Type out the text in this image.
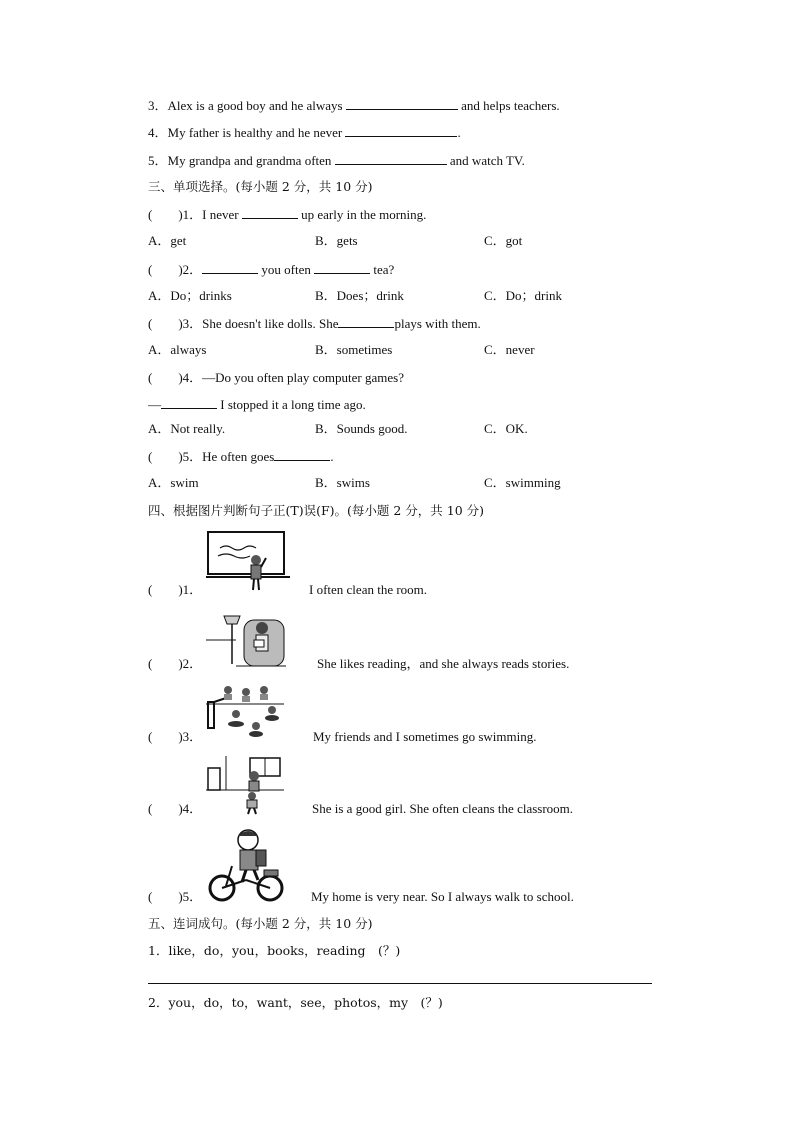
3．Alex is a good boy and he always	and helps teachers.
4．My father is healthy and he never	.
5．My grandpa and grandma often	and watch TV.
三、单项选择。(每小题 2 分，共 10 分)
(　　)1．I never	up early in the morning.
A．get	B．gets	C．got
(　　)2．	you often	tea?
A．Do；drinks	B．Does；drink	C．Do；drink
(　　)3．She doesn't like dolls. She	plays with them.
A．always	B．sometimes	C．never
(　　)4．—Do you often play computer games?
—	I stopped it a long time ago.
A．Not really.	B．Sounds good.	C．OK.
(　　)5．He often goes	.
A．swim	B．swims	C．swimming
四、根据图片判断句子正(T)误(F)。(每小题 2 分，共 10 分)
(　　)1．	I often clean the room.
(　　)2．	She likes reading，and she always reads stories.
(　　)3．	My friends and I sometimes go swimming.
(　　)4．	She is a good girl. She often cleans the classroom.
(　　)5．	My home is very near. So I always walk to school.
五、连词成句。(每小题 2 分，共 10 分)
1．like，do，you，books，reading　(？)
2．you，do，to，want，see，photos，my　(？)
